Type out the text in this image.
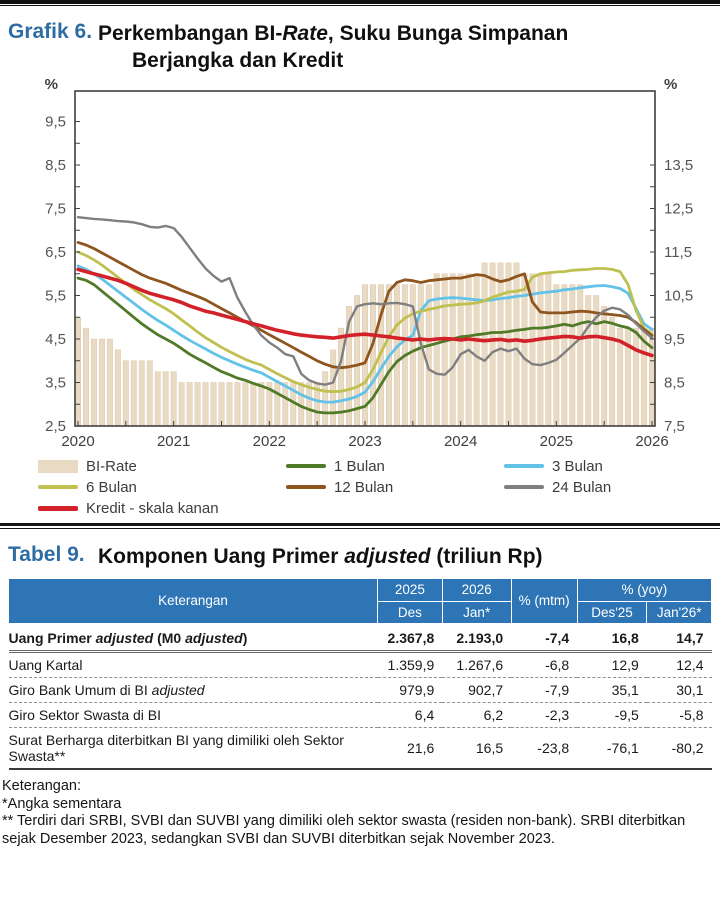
Grafik 6. Perkembangan BI-Rate, Suku Bunga Simpanan
Berjangka dan Kredit
2,5
3,5
4,5
5,5
6,5
7,5
8,5
9,5
7,5
8,5
9,5
10,5
11,5
12,5
13,5
%	%
2020	2021	2022	2023	2024	2025	2026
BI-Rate	1 Bulan	3 Bulan
6 Bulan	12 Bulan	24 Bulan
Kredit - skala kanan
Tabel 9. Komponen Uang Primer adjusted (triliun Rp)
Keterangan	2025	2026	% (mtm)	% (yoy)	
	Des	Jan*		Des'25	Jan'26*
Uang Primer adjusted (M0 adjusted)	2.367,8	2.193,0	-7,4	16,8	14,7
Uang Kartal	1.359,9	1.267,6	-6,8	12,9	12,4
Giro Bank Umum di BI adjusted	979,9	902,7	-7,9	35,1	30,1
Giro Sektor Swasta di BI	6,4	6,2	-2,3	-9,5	-5,8
Surat Berharga diterbitkan BI yang dimiliki oleh Sektor Swasta**	21,6	16,5	-23,8	-76,1	-80,2

Keterangan:

*Angka sementara

** Terdiri dari SRBI, SVBI dan SUVBI yang dimiliki oleh sektor swasta (residen non-bank). SRBI diterbitkan sejak Desember 2023, sedangkan SVBI dan SUVBI diterbitkan sejak November 2023.
